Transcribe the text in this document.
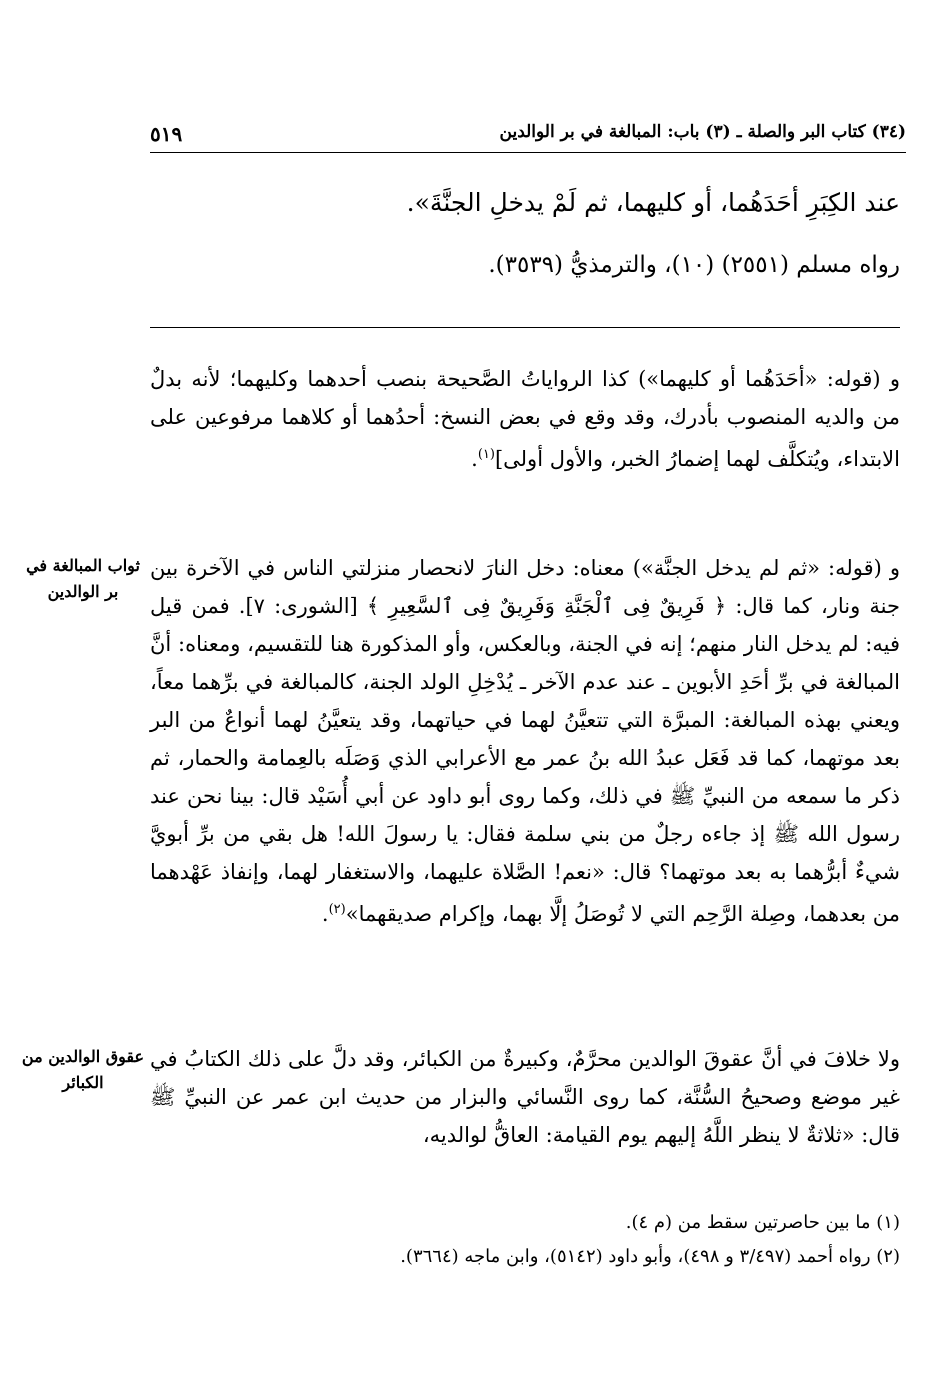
(٣٤) كتاب البر والصلة ـ (٣) باب: المبالغة في بر الوالدين
٥١٩
عند الكِبَرِ أحَدَهُما، أو كليهما، ثم لَمْ يدخلِ الجنَّةَ».
رواه مسلم (٢٥٥١) (١٠)، والترمذيُّ (٣٥٣٩).
و (قوله: «أحَدَهُما أو كليهما») كذا الرواياتُ الصَّحيحة بنصب أحدهما وكليهما؛ لأنه بدلٌ من والديه المنصوب بأدرك، وقد وقع في بعض النسخ: أحدُهما أو كلاهما مرفوعين على الابتداء، ويُتكلَّف لهما إضمارُ الخبر، والأول أولى]$^{(١)}$.
و (قوله: «ثم لم يدخل الجنَّة») معناه: دخل النارَ لانحصار منزلتي الناس في الآخرة بين جنة ونار، كما قال: ﴿ فَرِيقٌ فِى ٱلْجَنَّةِ وَفَرِيقٌ فِى ٱلسَّعِيرِ ﴾ [الشورى: ٧]. فمن قيل فيه: لم يدخل النار منهم؛ إنه في الجنة، وبالعكس، وأو المذكورة هنا للتقسيم، ومعناه: أنَّ المبالغة في برِّ أحَدِ الأبوين ـ عند عدم الآخر ـ يُدْخِلِ الولد الجنة، كالمبالغة في برِّهما معاً، ويعني بهذه المبالغة: المبرَّة التي تتعيَّنُ لهما في حياتهما، وقد يتعيَّنُ لهما أنواعٌ من البر بعد موتهما، كما قد فَعَل عبدُ الله بنُ عمر مع الأعرابي الذي وَصَلَه بالعِمامة والحمار، ثم ذكر ما سمعه من النبيِّ ﷺ في ذلك، وكما روى أبو داود عن أبي أُسَيْد قال: بينا نحن عند رسول الله ﷺ إذ جاءه رجلٌ من بني سلمة فقال: يا رسولَ الله! هل بقي من برِّ أبويَّ شيءٌ أبرُّهما به بعد موتهما؟ قال: «نعم! الصَّلاة عليهما، والاستغفار لهما، وإنفاذ عَهْدهما من بعدهما، وصِلة الرَّحِم التي لا تُوصَلُ إلَّا بهما، وإكرام صديقهما»$^{(٢)}$.
ثواب المبالغة في بر الوالدين
ولا خلافَ في أنَّ عقوقَ الوالدين محرَّمٌ، وكبيرةٌ من الكبائر، وقد دلَّ على ذلك الكتابُ في غير موضع وصحيحُ السُّنَّة، كما روى النَّسائي والبزار من حديث ابن عمر عن النبيِّ ﷺ قال: «ثلاثةٌ لا ينظر اللَّهُ إليهم يوم القيامة: العاقُّ لوالديه،
عقوق الوالدين من الكبائر
(١) ما بين حاصرتين سقط من (م ٤).
(٢) رواه أحمد (٣/٤٩٧ و ٤٩٨)، وأبو داود (٥١٤٢)، وابن ماجه (٣٦٦٤).
